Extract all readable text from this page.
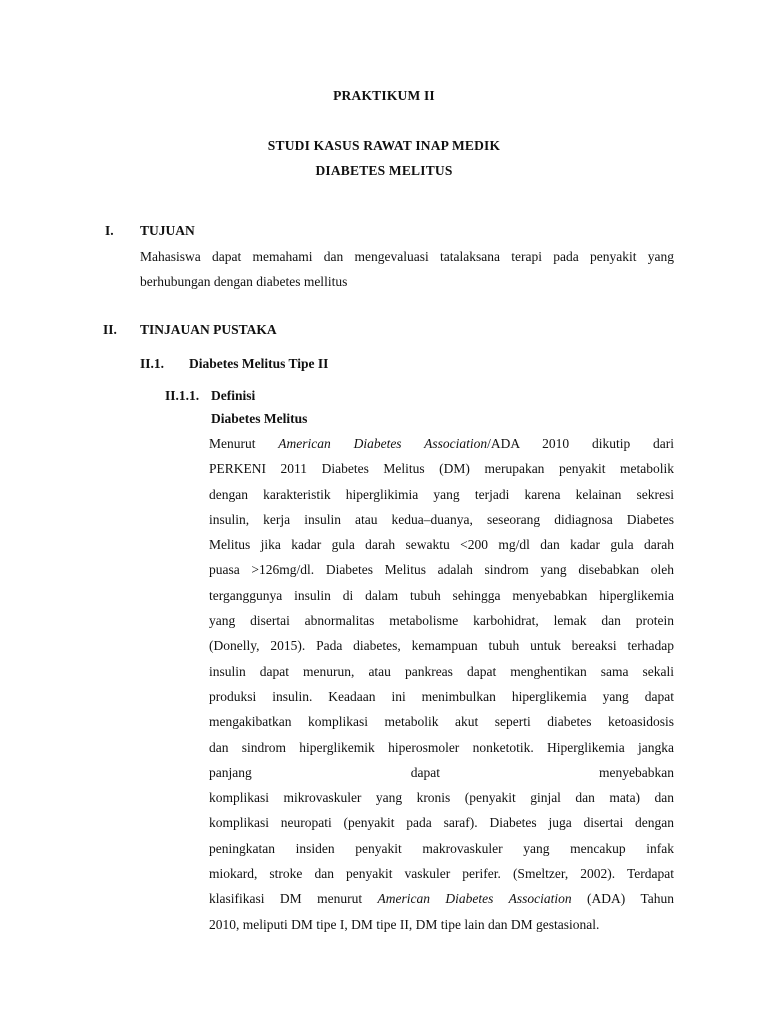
PRAKTIKUM II
STUDI KASUS RAWAT INAP MEDIK
DIABETES MELITUS
I. TUJUAN
Mahasiswa dapat memahami dan mengevaluasi tatalaksana terapi pada penyakit yang
berhubungan dengan diabetes mellitus
II. TINJAUAN PUSTAKA
II.1. Diabetes Melitus Tipe II
II.1.1. Definisi
Diabetes Melitus
Menurut American Diabetes Association/ADA 2010 dikutip dari
PERKENI 2011 Diabetes Melitus (DM) merupakan penyakit metabolik
dengan karakteristik hiperglikimia yang terjadi karena kelainan sekresi
insulin, kerja insulin atau kedua–duanya, seseorang didiagnosa Diabetes
Melitus jika kadar gula darah sewaktu <200 mg/dl dan kadar gula darah
puasa >126mg/dl. Diabetes Melitus adalah sindrom yang disebabkan oleh
terganggunya insulin di dalam tubuh sehingga menyebabkan hiperglikemia
yang disertai abnormalitas metabolisme karbohidrat, lemak dan protein
(Donelly, 2015). Pada diabetes, kemampuan tubuh untuk bereaksi terhadap
insulin dapat menurun, atau pankreas dapat menghentikan sama sekali
produksi insulin. Keadaan ini menimbulkan hiperglikemia yang dapat
mengakibatkan komplikasi metabolik akut seperti diabetes ketoasidosis
dan sindrom hiperglikemik hiperosmoler nonketotik. Hiperglikemia jangka
panjang dapat menyebabkan
komplikasi mikrovaskuler yang kronis (penyakit ginjal dan mata) dan
komplikasi neuropati (penyakit pada saraf). Diabetes juga disertai dengan
peningkatan insiden penyakit makrovaskuler yang mencakup infak
miokard, stroke dan penyakit vaskuler perifer. (Smeltzer, 2002). Terdapat
klasifikasi DM menurut American Diabetes Association (ADA) Tahun
2010, meliputi DM tipe I, DM tipe II, DM tipe lain dan DM gestasional.
